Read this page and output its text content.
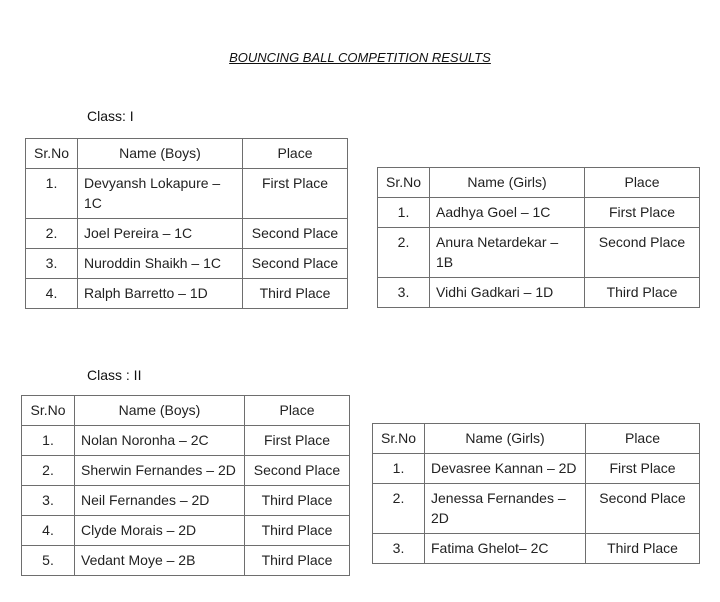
BOUNCING BALL COMPETITION RESULTS
Class: I
Sr.No	Name (Boys)	Place
1.	Devyansh Lokapure – 1C	First Place
2.	Joel Pereira – 1C	Second Place
3.	Nuroddin Shaikh – 1C	Second Place
4.	Ralph Barretto – 1D	Third Place
Sr.No	Name (Girls)	Place
1.	Aadhya Goel – 1C	First Place
2.	Anura Netardekar – 1B	Second Place
3.	Vidhi Gadkari – 1D	Third Place
Class : II
Sr.No	Name (Boys)	Place
1.	Nolan Noronha – 2C	First Place
2.	Sherwin Fernandes – 2D	Second Place
3.	Neil Fernandes – 2D	Third Place
4.	Clyde Morais – 2D	Third Place
5.	Vedant Moye – 2B	Third Place
Sr.No	Name (Girls)	Place
1.	Devasree Kannan – 2D	First Place
2.	Jenessa Fernandes – 2D	Second Place
3.	Fatima Ghelot– 2C	Third Place
